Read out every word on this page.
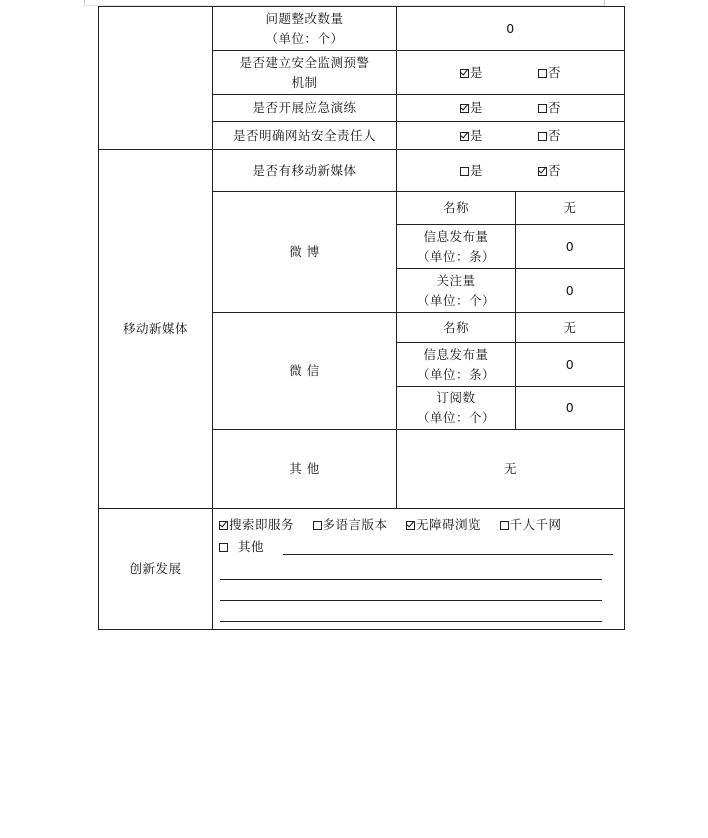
	问题整改数量
（单位：个）	0	

	是否建立安全监测预警
机制	是 否	
	是否开展应急演练	是 否	
	是否明确网站安全责任人	是 否	
移动新媒体	是否有移动新媒体	是 否	
	微 博	名称	无

		信息发布量
（单位：条）	0

		关注量
（单位：个）	0
	微 信	名称	无

		信息发布量
（单位：条）	0

		订阅数
（单位：个）	0
	其 他	无	
创新发展	搜索即服务 多语言版本 无障碍浏览 千人千网
其他		
